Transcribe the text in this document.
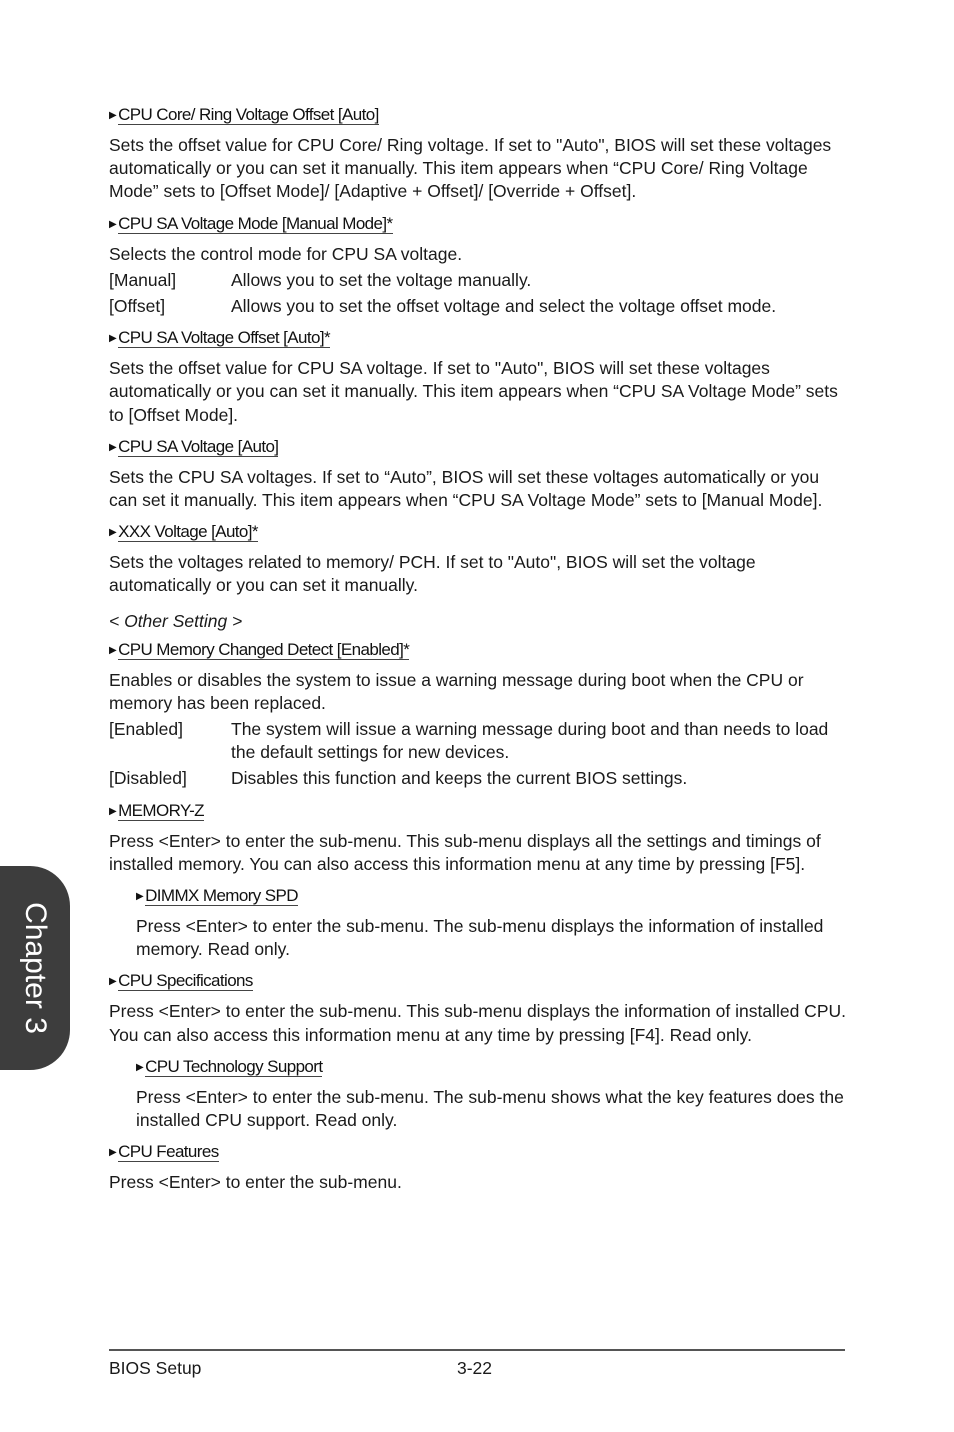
▶ CPU Core/ Ring Voltage Offset [Auto]

Sets the offset value for CPU Core/ Ring voltage. If set to "Auto", BIOS will set these voltages automatically or you can set it manually. This item appears when “CPU Core/ Ring Voltage Mode” sets to [Offset Mode]/ [Adaptive + Offset]/ [Override + Offset].

▶ CPU SA Voltage Mode [Manual Mode]*

Selects the control mode for CPU SA voltage.

[Manual]	Allows you to set the voltage manually.
[Offset]	Allows you to set the offset voltage and select the voltage offset mode.
▶ CPU SA Voltage Offset [Auto]*

Sets the offset value for CPU SA voltage. If set to "Auto", BIOS will set these voltages automatically or you can set it manually. This item appears when “CPU SA Voltage Mode” sets to [Offset Mode].

▶ CPU SA Voltage [Auto]

Sets the CPU SA voltages. If set to “Auto”, BIOS will set these voltages automatically or you can set it manually. This item appears when “CPU SA Voltage Mode” sets to [Manual Mode].

▶ XXX Voltage [Auto]*

Sets the voltages related to memory/ PCH. If set to "Auto", BIOS will set the voltage automatically or you can set it manually.

< Other Setting >
▶ CPU Memory Changed Detect [Enabled]*

Enables or disables the system to issue a warning message during boot when the CPU or memory has been replaced.

[Enabled]	The system will issue a warning message during boot and than needs to load the default settings for new devices.
[Disabled]	Disables this function and keeps the current BIOS settings.
▶ MEMORY-Z

Press <Enter> to enter the sub-menu. This sub-menu displays all the settings and timings of installed memory. You can also access this information menu at any time by pressing [F5].

▶ DIMMX Memory SPD

Press <Enter> to enter the sub-menu. The sub-menu displays the information of installed memory. Read only.

▶ CPU Specifications

Press <Enter> to enter the sub-menu. This sub-menu displays the information of installed CPU. You can also access this information menu at any time by pressing [F4]. Read only.

▶ CPU Technology Support

Press <Enter> to enter the sub-menu. The sub-menu shows what the key features does the installed CPU support. Read only.

▶ CPU Features

Press <Enter> to enter the sub-menu.

Chapter 3
BIOS Setup	3-22
